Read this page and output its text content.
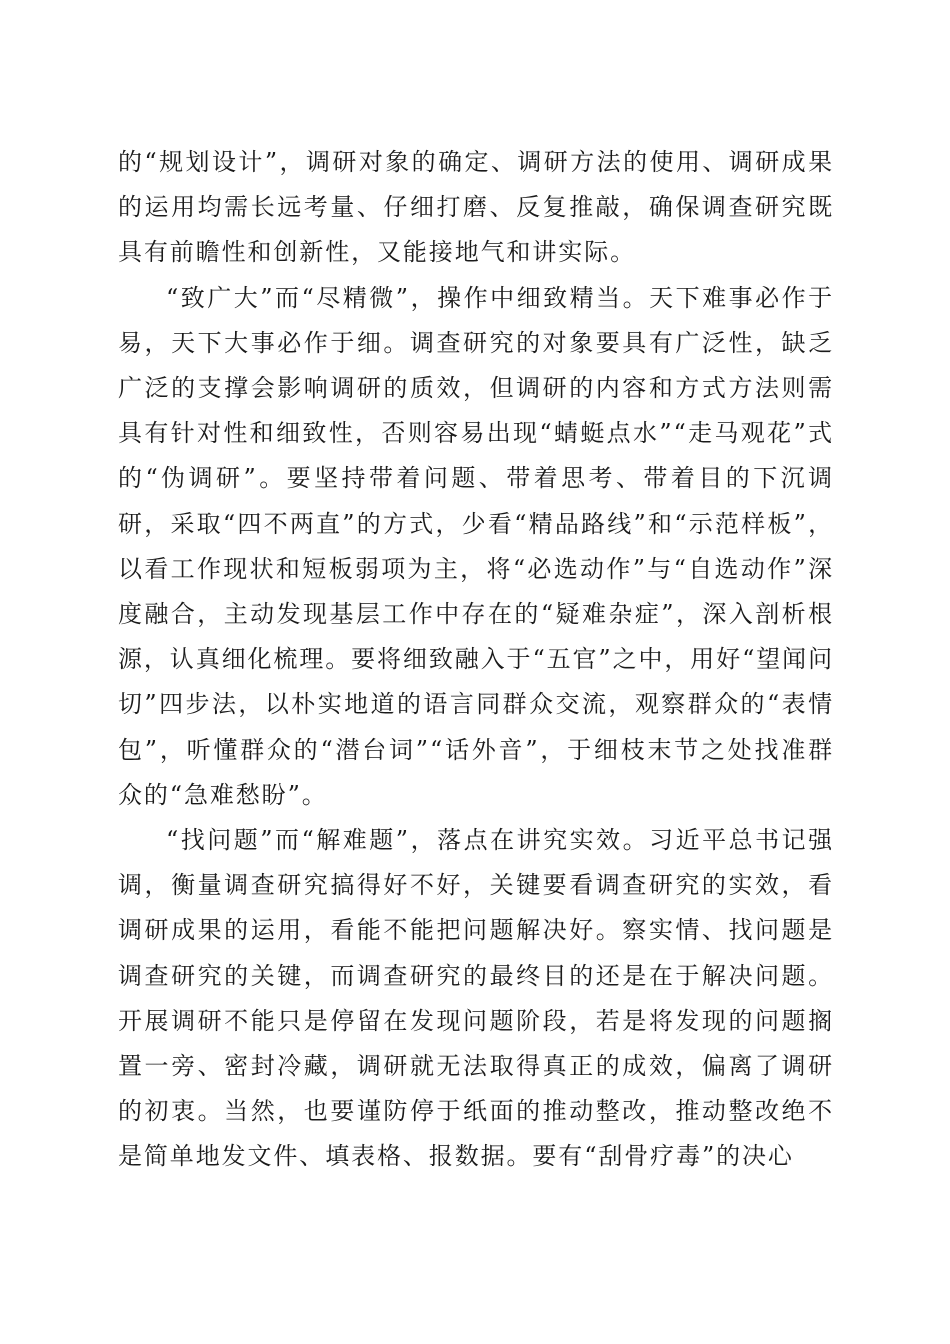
的“规划设计”，调研对象的确定、调研方法的使用、调研成果的运用均需长远考量、仔细打磨、反复推敲，确保调查研究既具有前瞻性和创新性，又能接地气和讲实际。

“致广大”而“尽精微”，操作中细致精当。天下难事必作于易，天下大事必作于细。调查研究的对象要具有广泛性，缺乏广泛的支撑会影响调研的质效，但调研的内容和方式方法则需具有针对性和细致性，否则容易出现“蜻蜓点水”“走马观花”式的“伪调研”。要坚持带着问题、带着思考、带着目的下沉调研，采取“四不两直”的方式，少看“精品路线”和“示范样板”，以看工作现状和短板弱项为主，将“必选动作”与“自选动作”深度融合，主动发现基层工作中存在的“疑难杂症”，深入剖析根源，认真细化梳理。要将细致融入于“五官”之中，用好“望闻问切”四步法，以朴实地道的语言同群众交流，观察群众的“表情包”，听懂群众的“潜台词”“话外音”，于细枝末节之处找准群众的“急难愁盼”。

“找问题”而“解难题”，落点在讲究实效。习近平总书记强调，衡量调查研究搞得好不好，关键要看调查研究的实效，看调研成果的运用，看能不能把问题解决好。察实情、找问题是调查研究的关键，而调查研究的最终目的还是在于解决问题。开展调研不能只是停留在发现问题阶段，若是将发现的问题搁置一旁、密封冷藏，调研就无法取得真正的成效，偏离了调研的初衷。当然，也要谨防停于纸面的推动整改，推动整改绝不是简单地发文件、填表格、报数据。要有“刮骨疗毒”的决心
